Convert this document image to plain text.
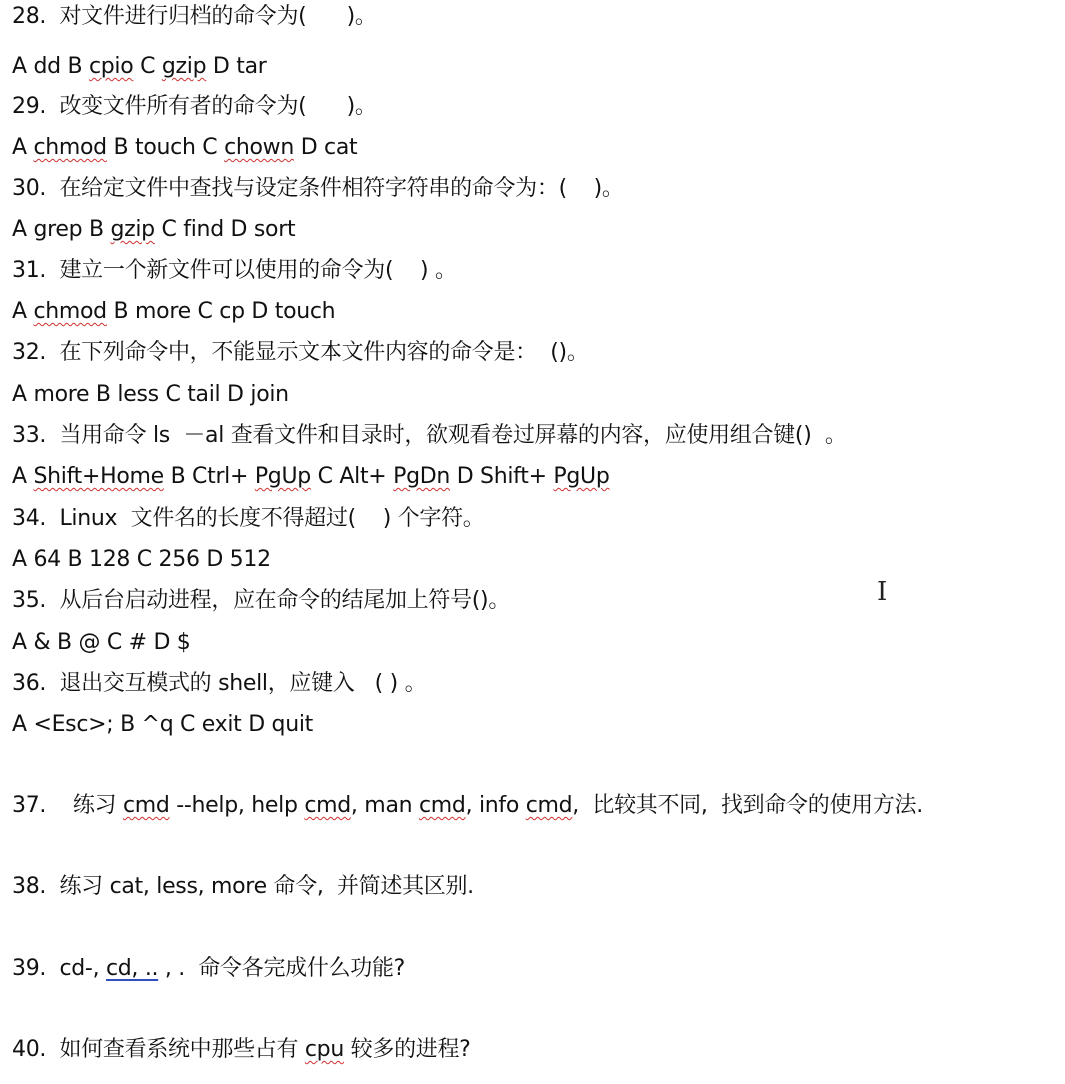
28.  对文件进行归档的命令为(      )。
A dd B cpio C gzip D tar
29.  改变文件所有者的命令为(      )。
A chmod B touch C chown D cat
30.  在给定文件中查找与设定条件相符字符串的命令为：(    )。
A grep B gzip C find D sort
31.  建立一个新文件可以使用的命令为(    ) 。
A chmod B more C cp D touch
32.  在下列命令中，不能显示文本文件内容的命令是：  ()。
A more B less C tail D join
33.  当用命令 ls  －al 查看文件和目录时，欲观看卷过屏幕的内容，应使用组合键()  。
A Shift+Home B Ctrl+ PgUp C Alt+ PgDn D Shift+ PgUp
34.  Linux  文件名的长度不得超过(    ) 个字符。
A 64 B 128 C 256 D 512
35.  从后台启动进程，应在命令的结尾加上符号()。
A & B @ C # D $
36.  退出交互模式的 shell，应键入   ( ) 。
A <Esc>; B ^q C exit D quit
37.    练习 cmd --help, help cmd, man cmd, info cmd,  比较其不同,  找到命令的使用方法.
38.  练习 cat, less, more 命令,  并简述其区别.
39.  cd-, cd, .. , .  命令各完成什么功能?
40.  如何查看系统中那些占有 cpu 较多的进程?
I
